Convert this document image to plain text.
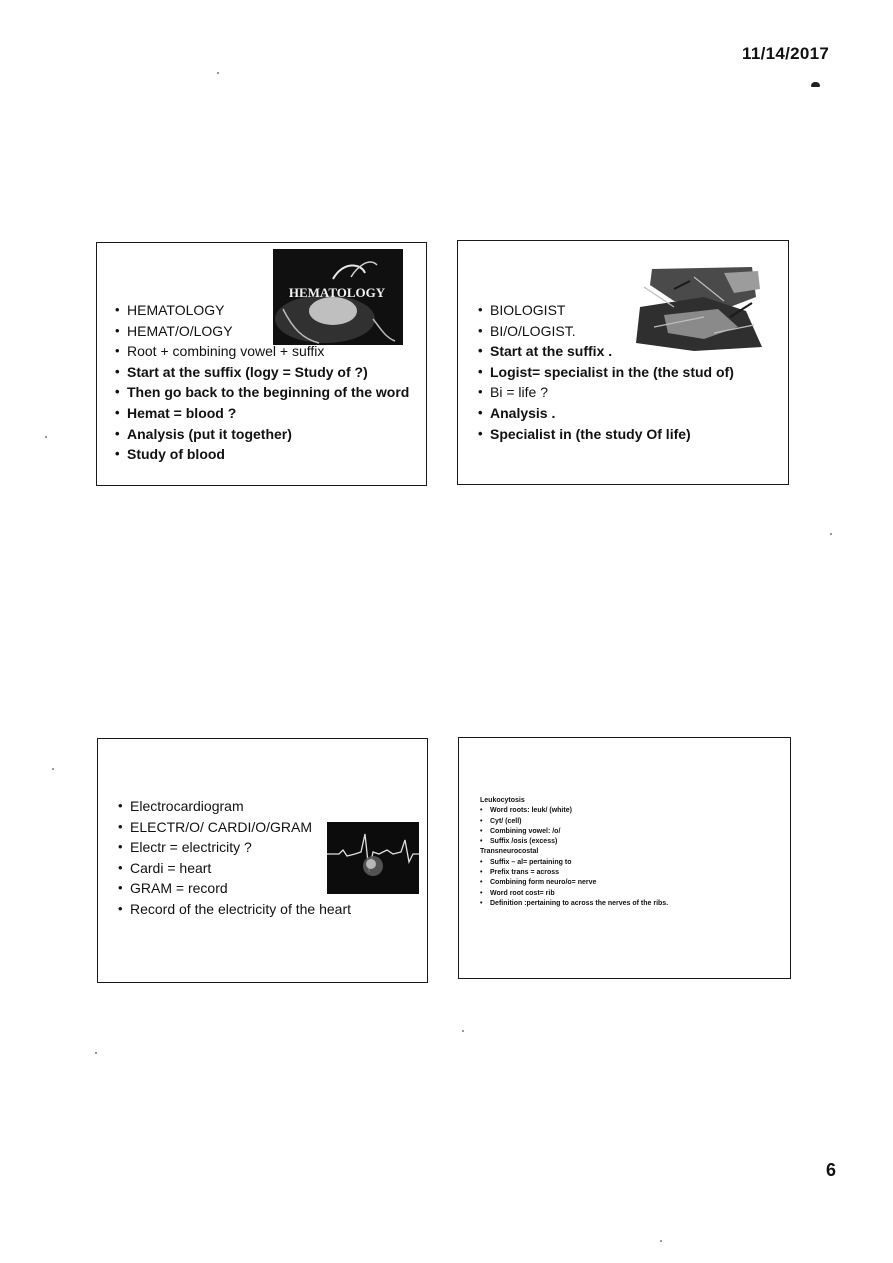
11/14/2017
HEMATOLOGY
• HEMATOLOGY
• HEMAT/O/LOGY
• Root + combining vowel + suffix
• Start at the suffix (logy = Study of ?)
• Then go back to the beginning of the word
• Hemat = blood ?
• Analysis (put it together)
• Study of blood
• BIOLOGIST
• BI/O/LOGIST.
• Start at the suffix .
• Logist= specialist in the (the stud of)
• Bi = life ?
• Analysis .
• Specialist in (the study Of life)
• Electrocardiogram
• ELECTR/O/ CARDI/O/GRAM
• Electr = electricity ?
• Cardi = heart
• GRAM = record
• Record of the electricity of the heart
Leukocytosis
• Word roots: leuk/ (white)
• Cyt/ (cell)
• Combining vowel: /o/
• Suffix /osis (excess)
Transneurocostal
• Suffix – al= pertaining to
• Prefix trans = across
• Combining form neuro/o= nerve
• Word root cost= rib
• Definition :pertaining to across the nerves of the ribs.
6
